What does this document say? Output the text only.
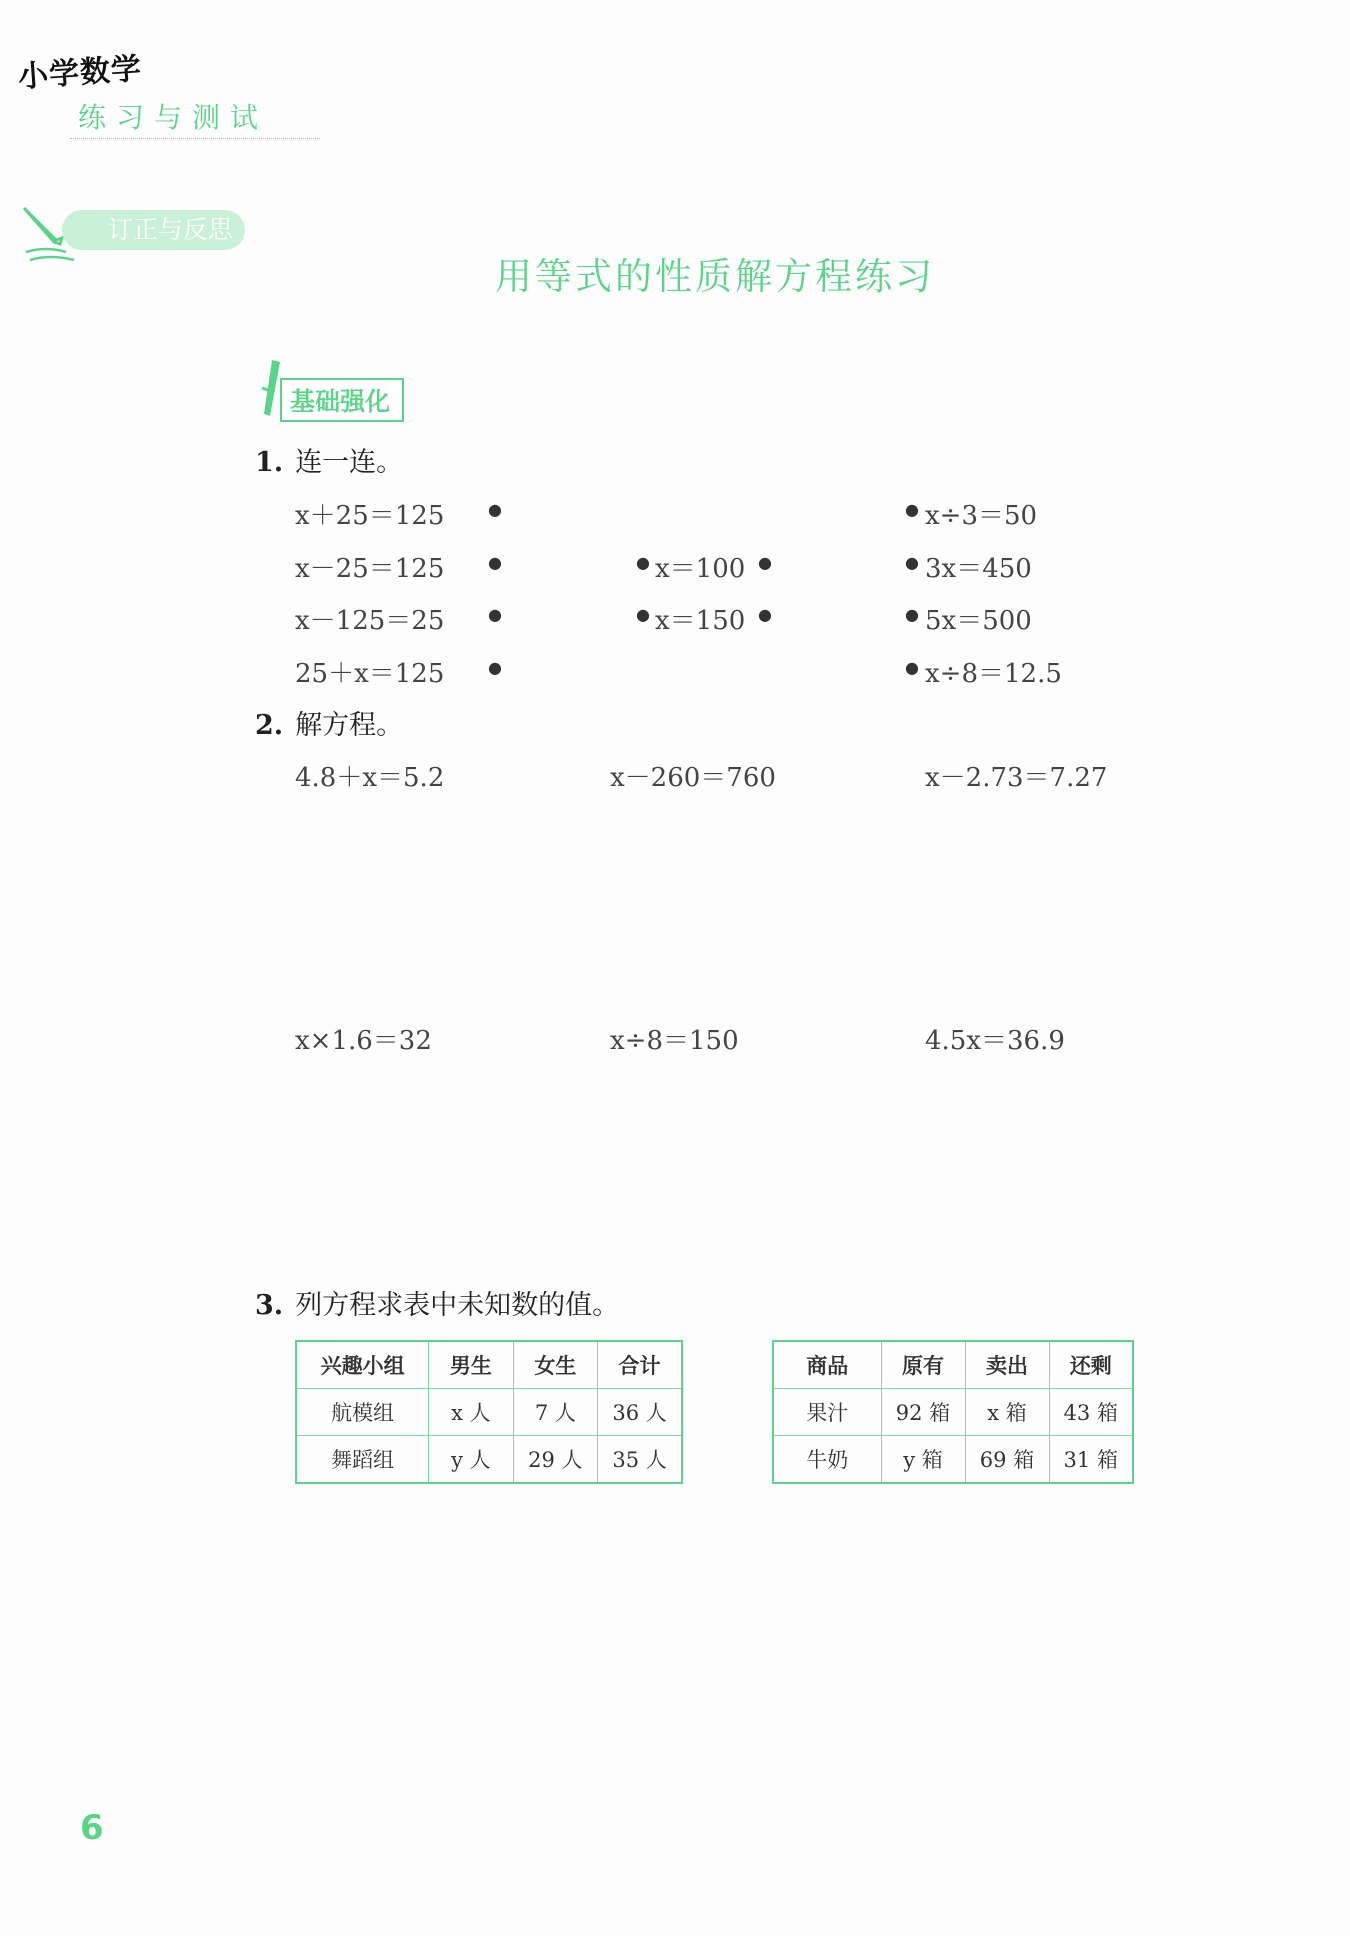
小学数学
练习与测试
订正与反思
用等式的性质解方程练习
基础强化
1. 连一连。
x＋25＝125
x－25＝125
x－125＝25
25＋x＝125
●
●
●
●
● x＝100 ●
● x＝150 ●
●
●
●
●
x÷3＝50
3x＝450
5x＝500
x÷8＝12.5
2. 解方程。
4.8＋x＝5.2	x－260＝760	x－2.73＝7.27
x×1.6＝32	x÷8＝150	4.5x＝36.9
3. 列方程求表中未知数的值。
兴趣小组	男生	女生	合计
航模组	x 人	7 人	36 人
舞蹈组	y 人	29 人	35 人
商品	原有	卖出	还剩
果汁	92 箱	x 箱	43 箱
牛奶	y 箱	69 箱	31 箱
6
